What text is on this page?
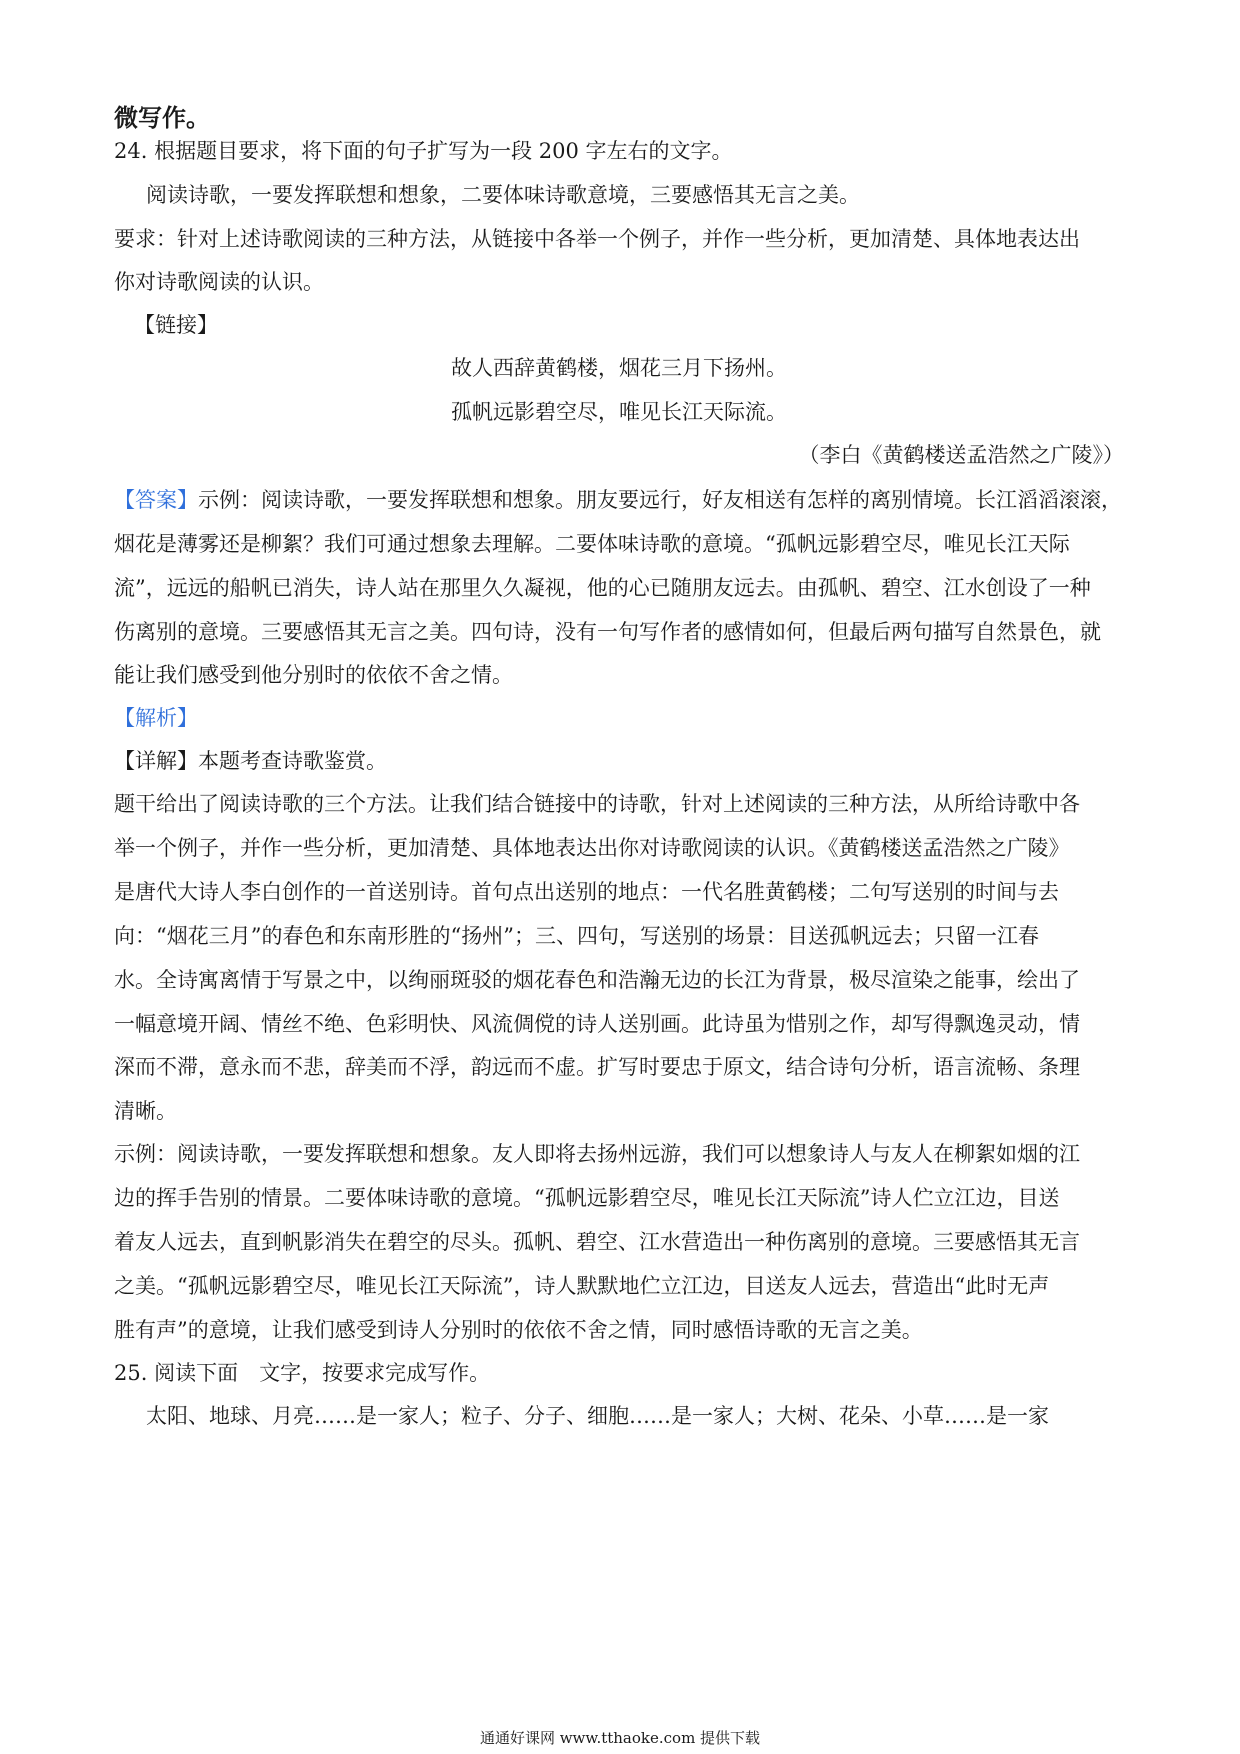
微写作。
24. 根据题目要求，将下面的句子扩写为一段 200 字左右的文字。
阅读诗歌，一要发挥联想和想象，二要体味诗歌意境，三要感悟其无言之美。
要求：针对上述诗歌阅读的三种方法，从链接中各举一个例子，并作一些分析，更加清楚、具体地表达出
你对诗歌阅读的认识。
【链接】
故人西辞黄鹤楼，烟花三月下扬州。
孤帆远影碧空尽，唯见长江天际流。
（李白《黄鹤楼送孟浩然之广陵》）
【答案】示例：阅读诗歌，一要发挥联想和想象。朋友要远行，好友相送有怎样的离别情境。长江滔滔滚滚，
烟花是薄雾还是柳絮？我们可通过想象去理解。二要体味诗歌的意境。“孤帆远影碧空尽，唯见长江天际
流”，远远的船帆已消失，诗人站在那里久久凝视，他的心已随朋友远去。由孤帆、碧空、江水创设了一种
伤离别的意境。三要感悟其无言之美。四句诗，没有一句写作者的感情如何，但最后两句描写自然景色，就
能让我们感受到他分别时的依依不舍之情。
【解析】
【详解】本题考查诗歌鉴赏。
题干给出了阅读诗歌的三个方法。让我们结合链接中的诗歌，针对上述阅读的三种方法，从所给诗歌中各
举一个例子，并作一些分析，更加清楚、具体地表达出你对诗歌阅读的认识。《黄鹤楼送孟浩然之广陵》
是唐代大诗人李白创作的一首送别诗。首句点出送别的地点：一代名胜黄鹤楼；二句写送别的时间与去
向：“烟花三月”的春色和东南形胜的“扬州”；三、四句，写送别的场景：目送孤帆远去；只留一江春
水。全诗寓离情于写景之中，以绚丽斑驳的烟花春色和浩瀚无边的长江为背景，极尽渲染之能事，绘出了
一幅意境开阔、情丝不绝、色彩明快、风流倜傥的诗人送别画。此诗虽为惜别之作，却写得飘逸灵动，情
深而不滞，意永而不悲，辞美而不浮，韵远而不虚。扩写时要忠于原文，结合诗句分析，语言流畅、条理
清晰。
示例：阅读诗歌，一要发挥联想和想象。友人即将去扬州远游，我们可以想象诗人与友人在柳絮如烟的江
边的挥手告别的情景。二要体味诗歌的意境。“孤帆远影碧空尽，唯见长江天际流”诗人伫立江边，目送
着友人远去，直到帆影消失在碧空的尽头。孤帆、碧空、江水营造出一种伤离别的意境。三要感悟其无言
之美。“孤帆远影碧空尽，唯见长江天际流”，诗人默默地伫立江边，目送友人远去，营造出“此时无声
胜有声”的意境，让我们感受到诗人分别时的依依不舍之情，同时感悟诗歌的无言之美。
25. 阅读下面　文字，按要求完成写作。
太阳、地球、月亮……是一家人；粒子、分子、细胞……是一家人；大树、花朵、小草……是一家
通通好课网 www.tthaoke.com 提供下载
